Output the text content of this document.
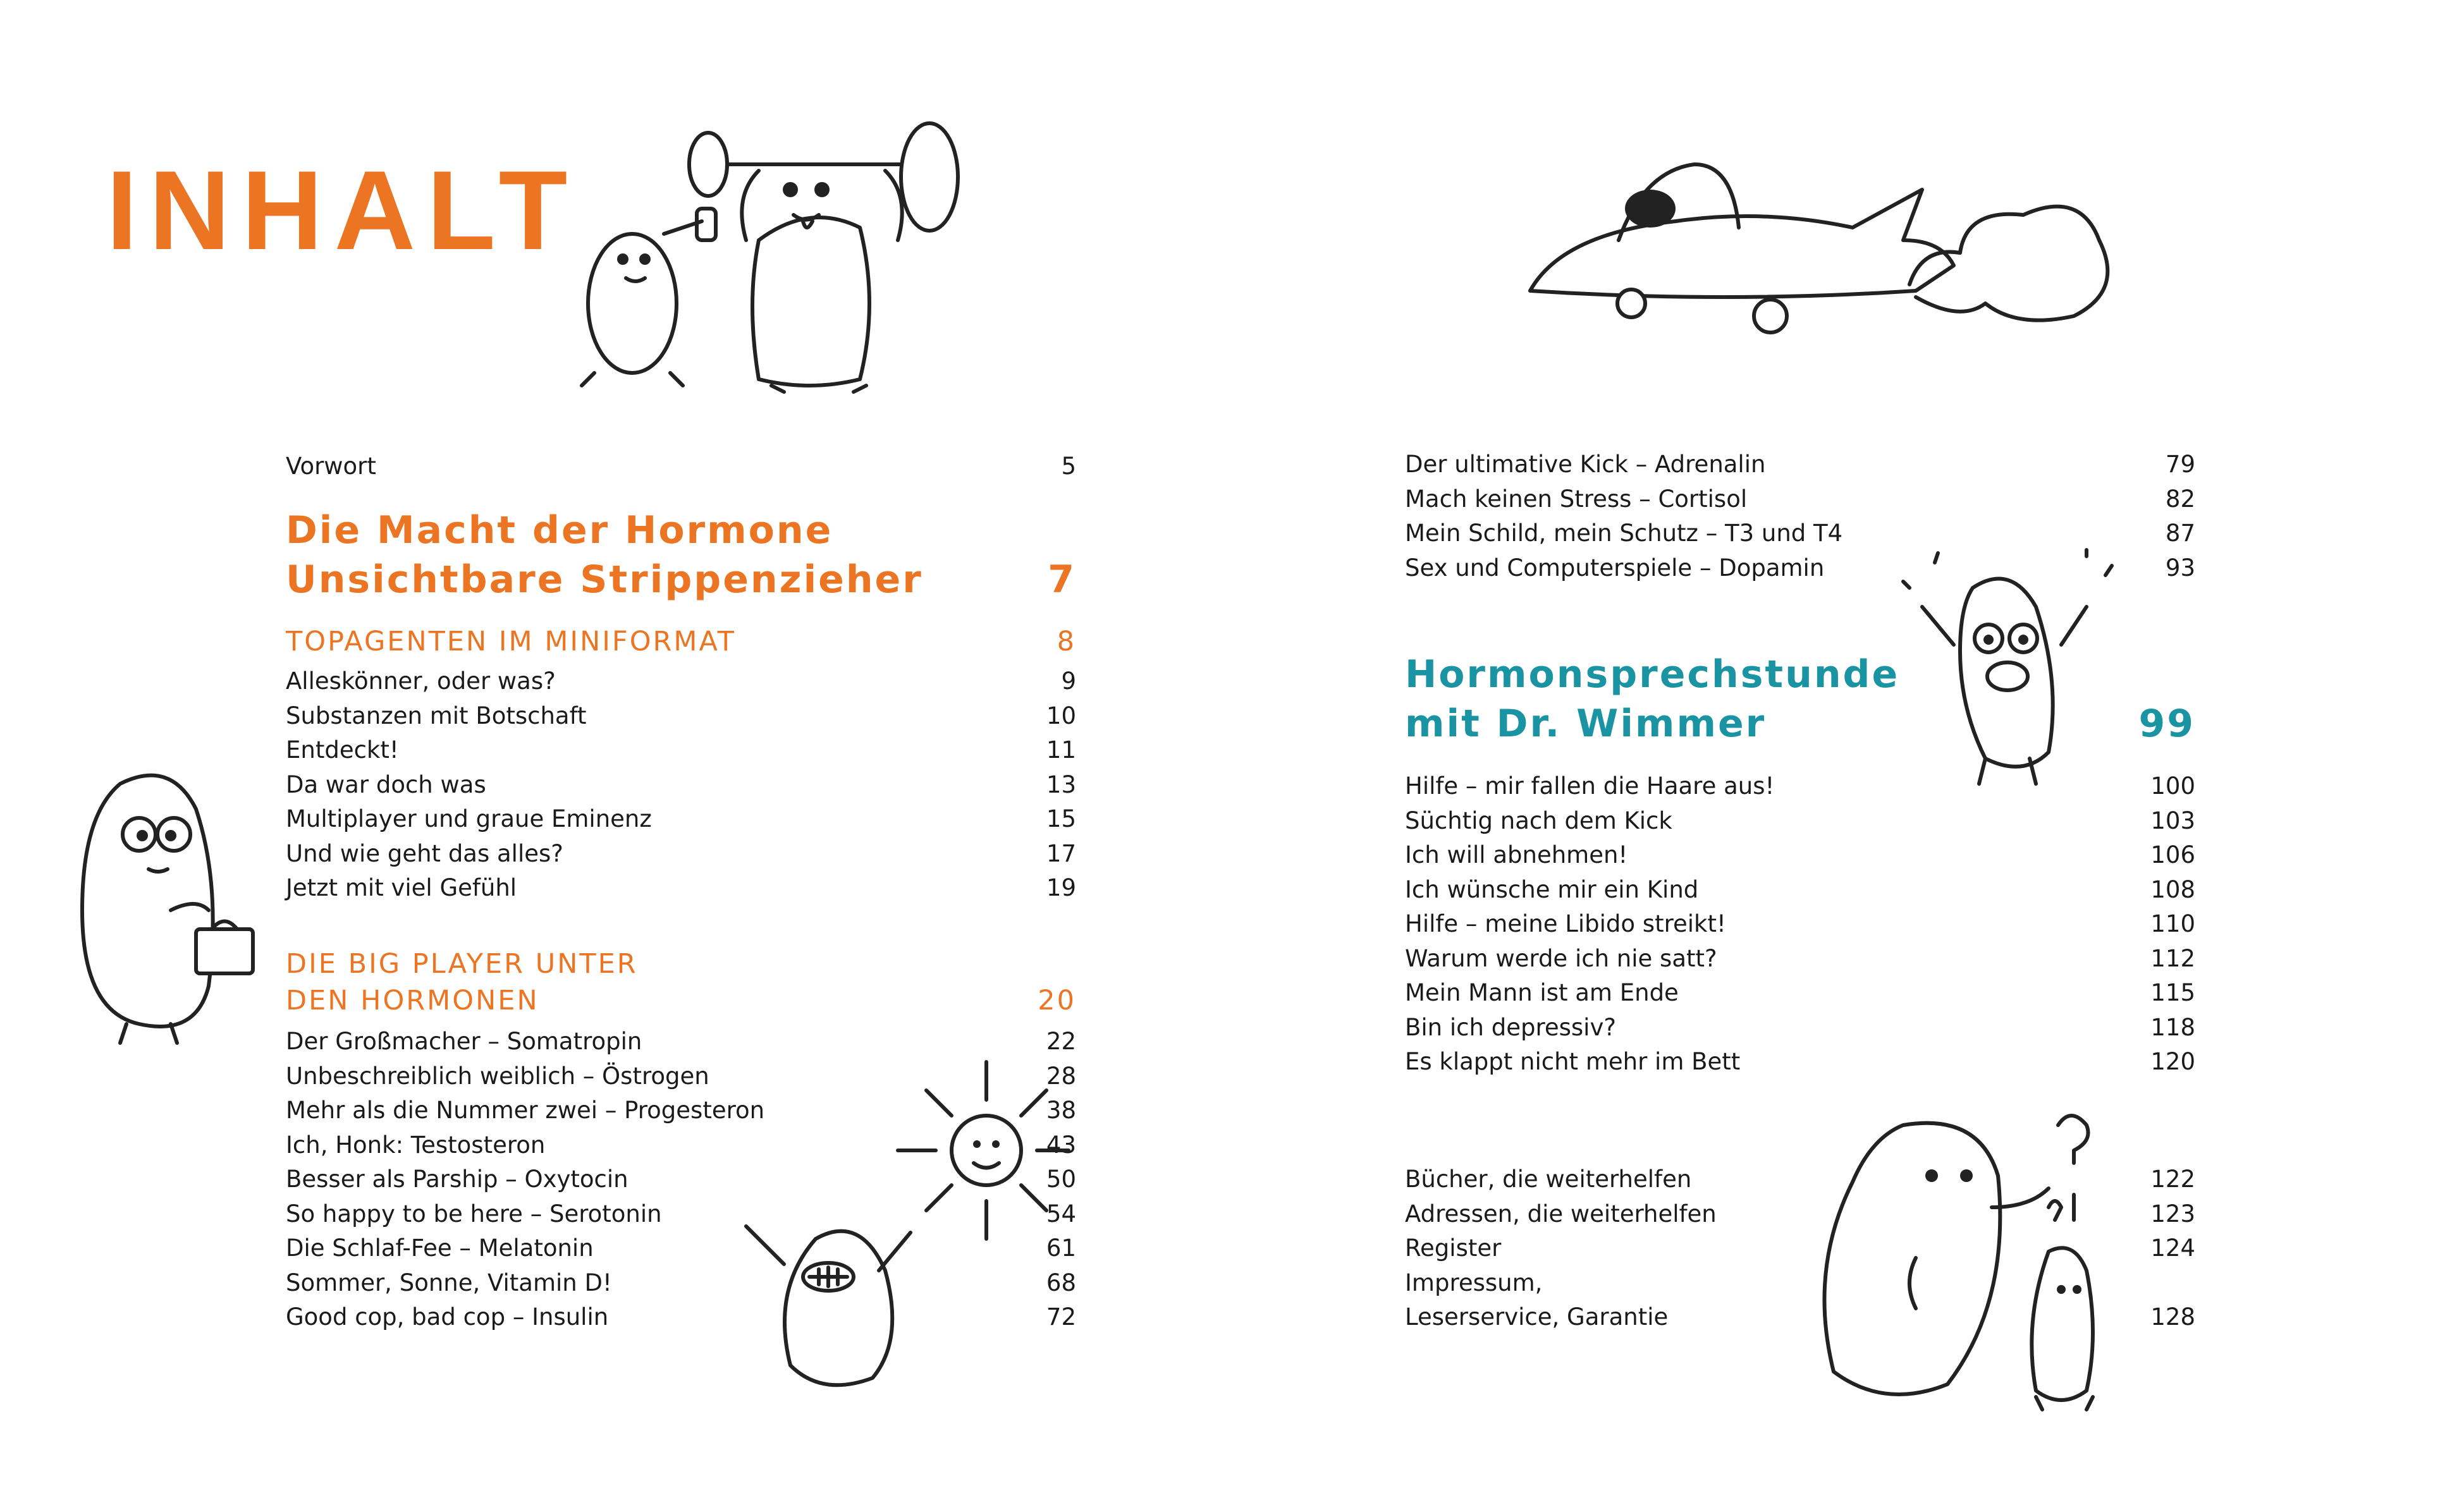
INHALT
Vorwort	5
Die Macht der Hormone
Unsichtbare Strippenzieher	7
TOPAGENTEN IM MINIFORMAT	8
Alleskönner, oder was?	9
Substanzen mit Botschaft	10
Entdeckt!	11
Da war doch was	13
Multiplayer und graue Eminenz	15
Und wie geht das alles?	17
Jetzt mit viel Gefühl	19
DIE BIG PLAYER UNTER
DEN HORMONEN	20
Der Großmacher – Somatropin	22
Unbeschreiblich weiblich – Östrogen	28
Mehr als die Nummer zwei – Progesteron	38
Ich, Honk: Testosteron	43
Besser als Parship – Oxytocin	50
So happy to be here – Serotonin	54
Die Schlaf-Fee – Melatonin	61
Sommer, Sonne, Vitamin D!	68
Good cop, bad cop – Insulin	72
Der ultimative Kick – Adrenalin	79
Mach keinen Stress – Cortisol	82
Mein Schild, mein Schutz – T3 und T4	87
Sex und Computerspiele – Dopamin	93
Hormonsprechstunde
mit Dr. Wimmer	99
Hilfe – mir fallen die Haare aus!	100
Süchtig nach dem Kick	103
Ich will abnehmen!	106
Ich wünsche mir ein Kind	108
Hilfe – meine Libido streikt!	110
Warum werde ich nie satt?	112
Mein Mann ist am Ende	115
Bin ich depressiv?	118
Es klappt nicht mehr im Bett	120
Bücher, die weiterhelfen	122
Adressen, die weiterhelfen	123
Register	124
Impressum,
Leserservice, Garantie	128
